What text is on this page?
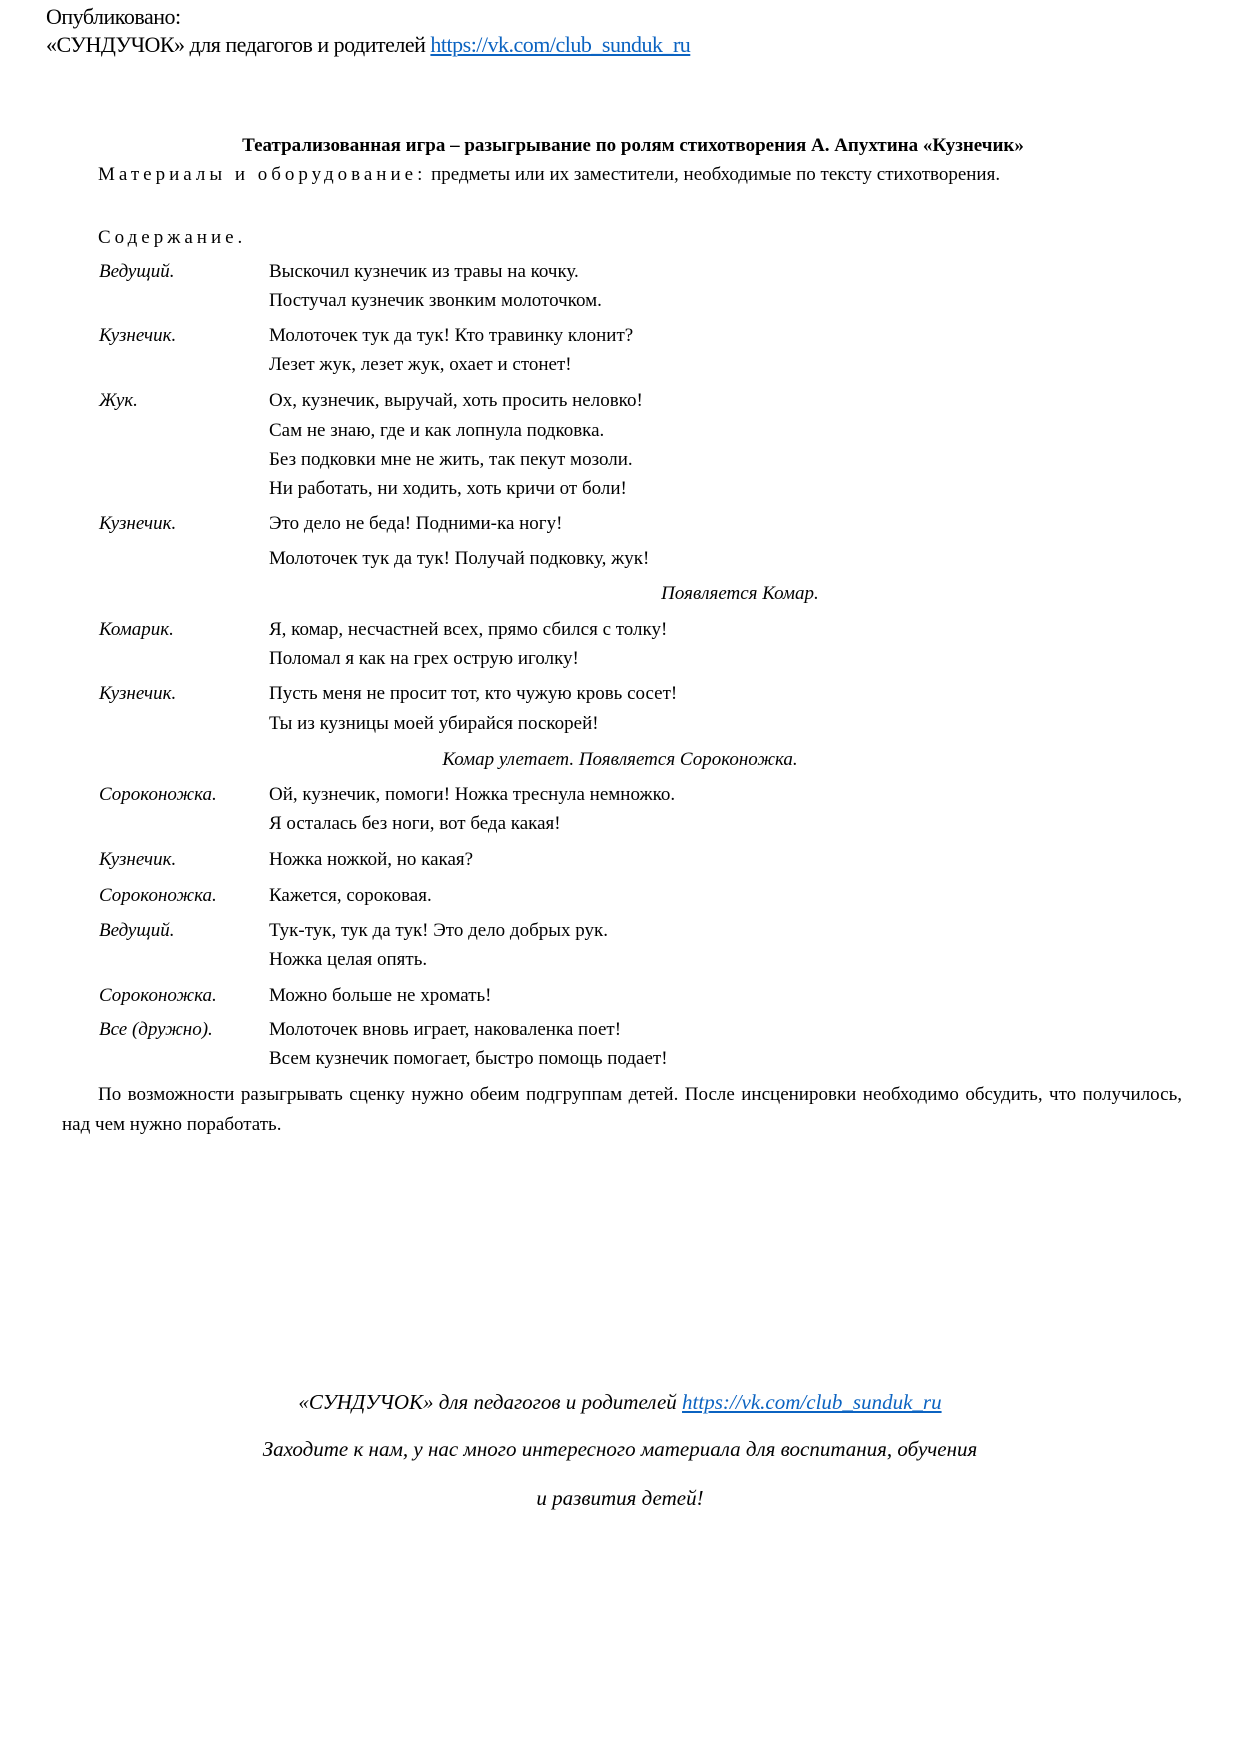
Опубликовано:
«СУНДУЧОК» для педагогов и родителей https://vk.com/club_sunduk_ru
Театрализованная игра – разыгрывание по ролям стихотворения А. Апухтина «Кузнечик»
Материалы и оборудование: предметы или их заместители, необходимые по тексту стихотворения.
Содержание.
Ведущий.	Выскочил кузнечик из травы на кочку.
Постучал кузнечик звонким молоточком.
Кузнечик.	Молоточек тук да тук! Кто травинку клонит?
Лезет жук, лезет жук, охает и стонет!
Жук.	Ох, кузнечик, выручай, хоть просить неловко!
Сам не знаю, где и как лопнула подковка.
Без подковки мне не жить, так пекут мозоли.
Ни работать, ни ходить, хоть кричи от боли!
Кузнечик.	Это дело не беда! Подними-ка ногу!
Молоточек тук да тук! Получай подковку, жук!
Появляется Комар.
Комарик.	Я, комар, несчастней всех, прямо сбился с толку!
Поломал я как на грех острую иголку!
Кузнечик.	Пусть меня не просит тот, кто чужую кровь сосет!
Ты из кузницы моей убирайся поскорей!
Комар улетает. Появляется Сороконожка.
Сороконожка.	Ой, кузнечик, помоги! Ножка треснула немножко.
Я осталась без ноги, вот беда какая!
Кузнечик.	Ножка ножкой, но какая?
Сороконожка.	Кажется, сороковая.
Ведущий.	Тук-тук, тук да тук! Это дело добрых рук.
Ножка целая опять.
Сороконожка.	Можно больше не хромать!
Все (дружно).	Молоточек вновь играет, наковаленка поет!
Всем кузнечик помогает, быстро помощь подает!
По возможности разыгрывать сценку нужно обеим подгруппам детей. После инсценировки необходимо обсудить, что получилось, над чем нужно поработать.
«СУНДУЧОК» для педагогов и родителей https://vk.com/club_sunduk_ru
Заходите к нам, у нас много интересного материала для воспитания, обучения
и развития детей!
